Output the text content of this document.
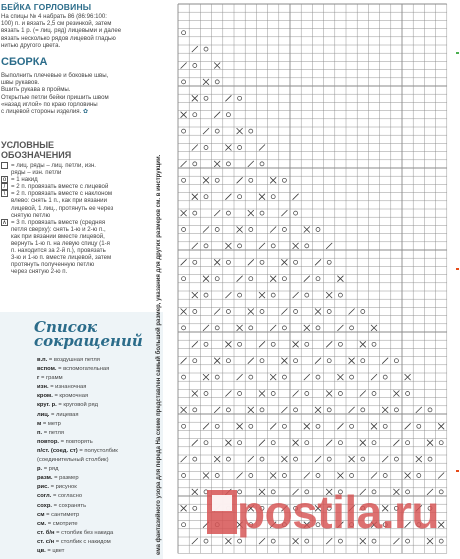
БЕЙКА ГОРЛОВИНЫ
На спицы № 4 набрать 86 (86:96:100:
100) п. и вязать 2,5 см резинкой, затем
вязать 1 р. (= лиц. ряд) лицевыми и далее
вязать несколько рядов лицевой гладью
нитью другого цвета.
СБОРКА
Выполнить плечевые и боковые швы,
швы рукавов.
Вшить рукава в проймы.
Открытые петли бейки пришить швом
«назад иглой» по краю горловины
с лицевой стороны изделия. ✿
УСЛОВНЫЕ
ОБОЗНАЧЕНИЯ
= лиц. ряды – лиц. петли, изн.
ряды – изн. петли
o = 1 накид
/ = 2 п. провязать вместе с лицевой
\ = 2 п. провязать вместе с наклоном
влево: снять 1 п., как при вязании
лицевой, 1 лиц., протянуть ее через
снятую петлю
∧ = 3 п. провязать вместе (средняя
петля сверху): снять 1-ю и 2-ю п.,
как при вязании вместе лицевой,
вернуть 1-ю п. на левую спицу (1-я
п. находится за 2-й п.), провязать
3-ю и 1-ю п. вместе лицевой, затем
протянуть полученную петлю
через снятую 2-ю п.
Список
сокращений
в.п. = воздушная петля
вспом. = вспомогательная
г = грамм
изн. = изнаночная
кром. = кромочная
круг. р. = круговой ряд
лиц. = лицевая
м = метр
п. = петля
повтор. = повторять
п/ст. (соед. ст) = полустолбик
(соединительный столбик)
р. = ряд
разм. = размер
рис. = рисунок
согл. = согласно
сохр. = сохранять
см = сантиметр
см. = смотрите
ст. б/н = столбик без накида
ст. с/н = столбик с накидом
цв. = цвет	ема фантазийного узора для переда На схеме представлен самый большой размер, указания для других размеров см. в инструкции. postila.ru
